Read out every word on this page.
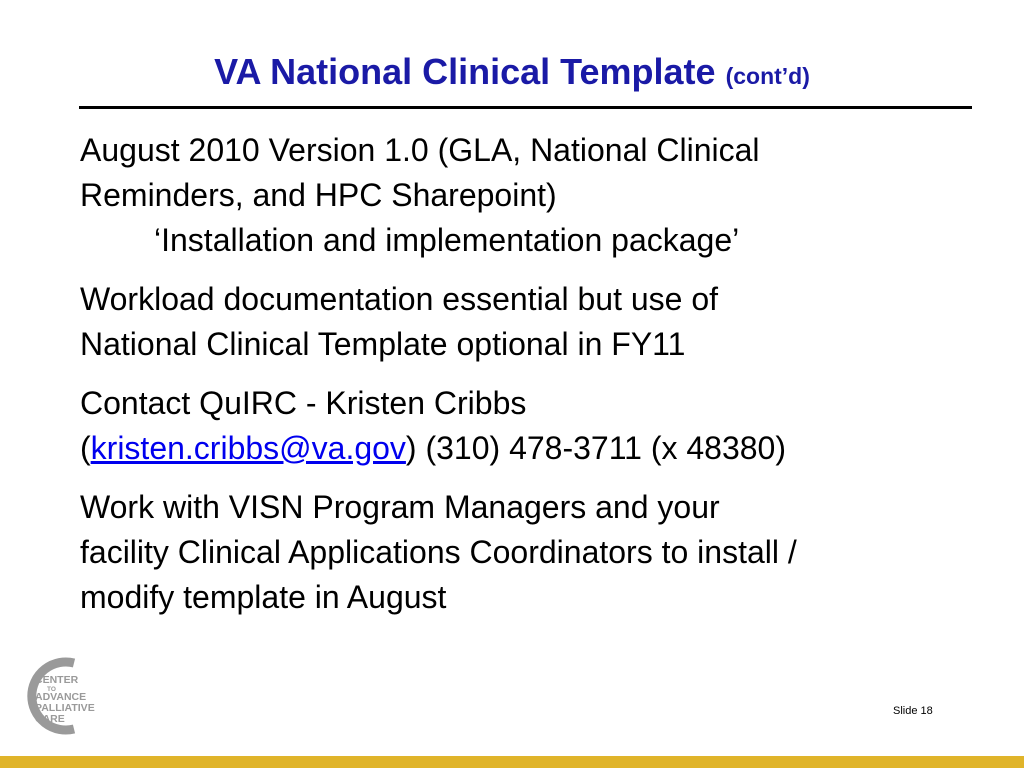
VA National Clinical Template (cont’d)
August 2010 Version 1.0 (GLA, National Clinical
Reminders, and HPC Sharepoint)
‘Installation and implementation package’
Workload documentation essential but use of
National Clinical Template optional in FY11
Contact QuIRC - Kristen Cribbs
(kristen.cribbs@va.gov) (310) 478-3711 (x 48380)
Work with VISN Program Managers and your
facility Clinical Applications Coordinators to install /
modify template in August
CENTER
TO
ADVANCE
PALLIATIVE
CARE
Slide 18
